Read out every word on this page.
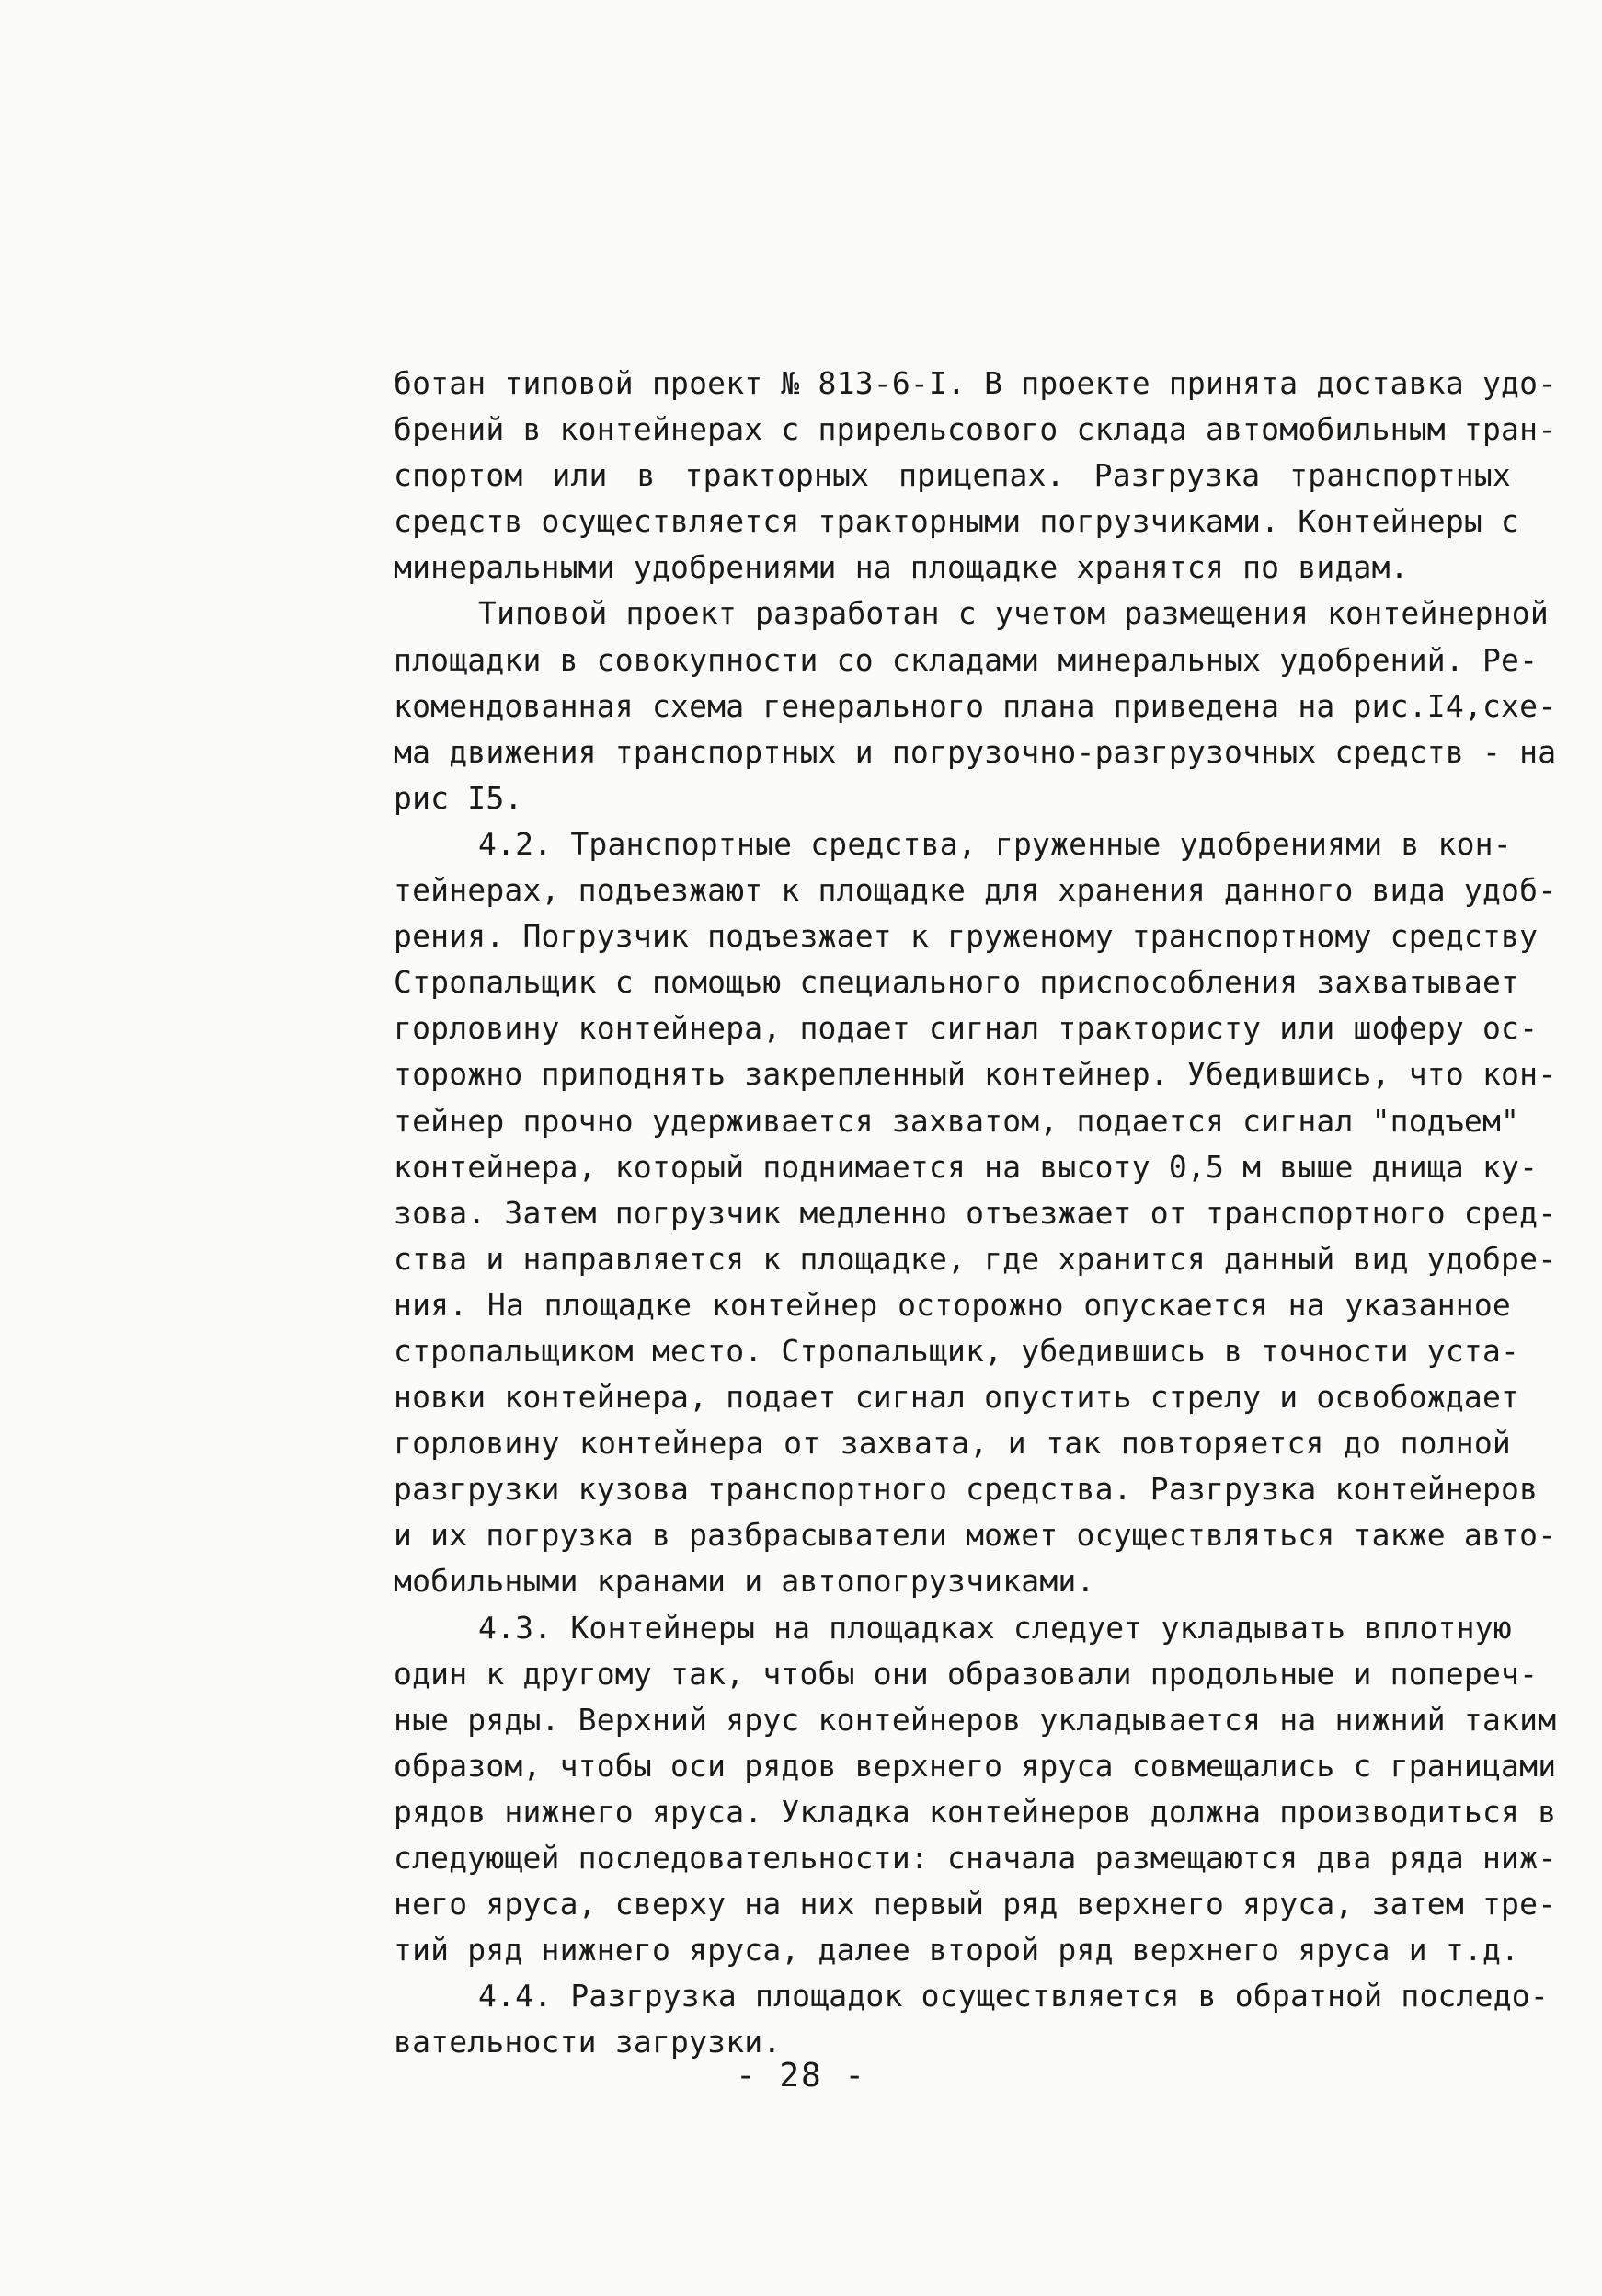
ботан типовой проект № 813-6-І. В проекте принята доставка удо-
брений в контейнерах с прирельсового склада автомобильным тран-
спортом или в тракторных прицепах. Разгрузка транспортных
средств осуществляется тракторными погрузчиками. Контейнеры с
минеральными удобрениями на площадке хранятся по видам.
Типовой проект разработан с учетом размещения контейнерной
площадки в совокупности со складами минеральных удобрений. Ре-
комендованная схема генерального плана приведена на рис.І4,схе-
ма движения транспортных и погрузочно-разгрузочных средств - на
рис І5.
4.2. Транспортные средства, груженные удобрениями в кон-
тейнерах, подъезжают к площадке для хранения данного вида удоб-
рения. Погрузчик подъезжает к груженому транспортному средству
Стропальщик с помощью специального приспособления захватывает
горловину контейнера, подает сигнал трактористу или шоферу ос-
торожно приподнять закрепленный контейнер. Убедившись, что кон-
тейнер прочно удерживается захватом, подается сигнал "подъем"
контейнера, который поднимается на высоту 0,5 м выше днища ку-
зова. Затем погрузчик медленно отъезжает от транспортного сред-
ства и направляется к площадке, где хранится данный вид удобре-
ния. На площадке контейнер осторожно опускается на указанное
стропальщиком место. Стропальщик, убедившись в точности уста-
новки контейнера, подает сигнал опустить стрелу и освобождает
горловину контейнера от захвата, и так повторяется до полной
разгрузки кузова транспортного средства. Разгрузка контейнеров
и их погрузка в разбрасыватели может осуществляться также авто-
мобильными кранами и автопогрузчиками.
4.3. Контейнеры на площадках следует укладывать вплотную
один к другому так, чтобы они образовали продольные и попереч-
ные ряды. Верхний ярус контейнеров укладывается на нижний таким
образом, чтобы оси рядов верхнего яруса совмещались с границами
рядов нижнего яруса. Укладка контейнеров должна производиться в
следующей последовательности: сначала размещаются два ряда ниж-
него яруса, сверху на них первый ряд верхнего яруса, затем тре-
тий ряд нижнего яруса, далее второй ряд верхнего яруса и т.д.
4.4. Разгрузка площадок осуществляется в обратной последо-
вательности загрузки.
- 28 -
